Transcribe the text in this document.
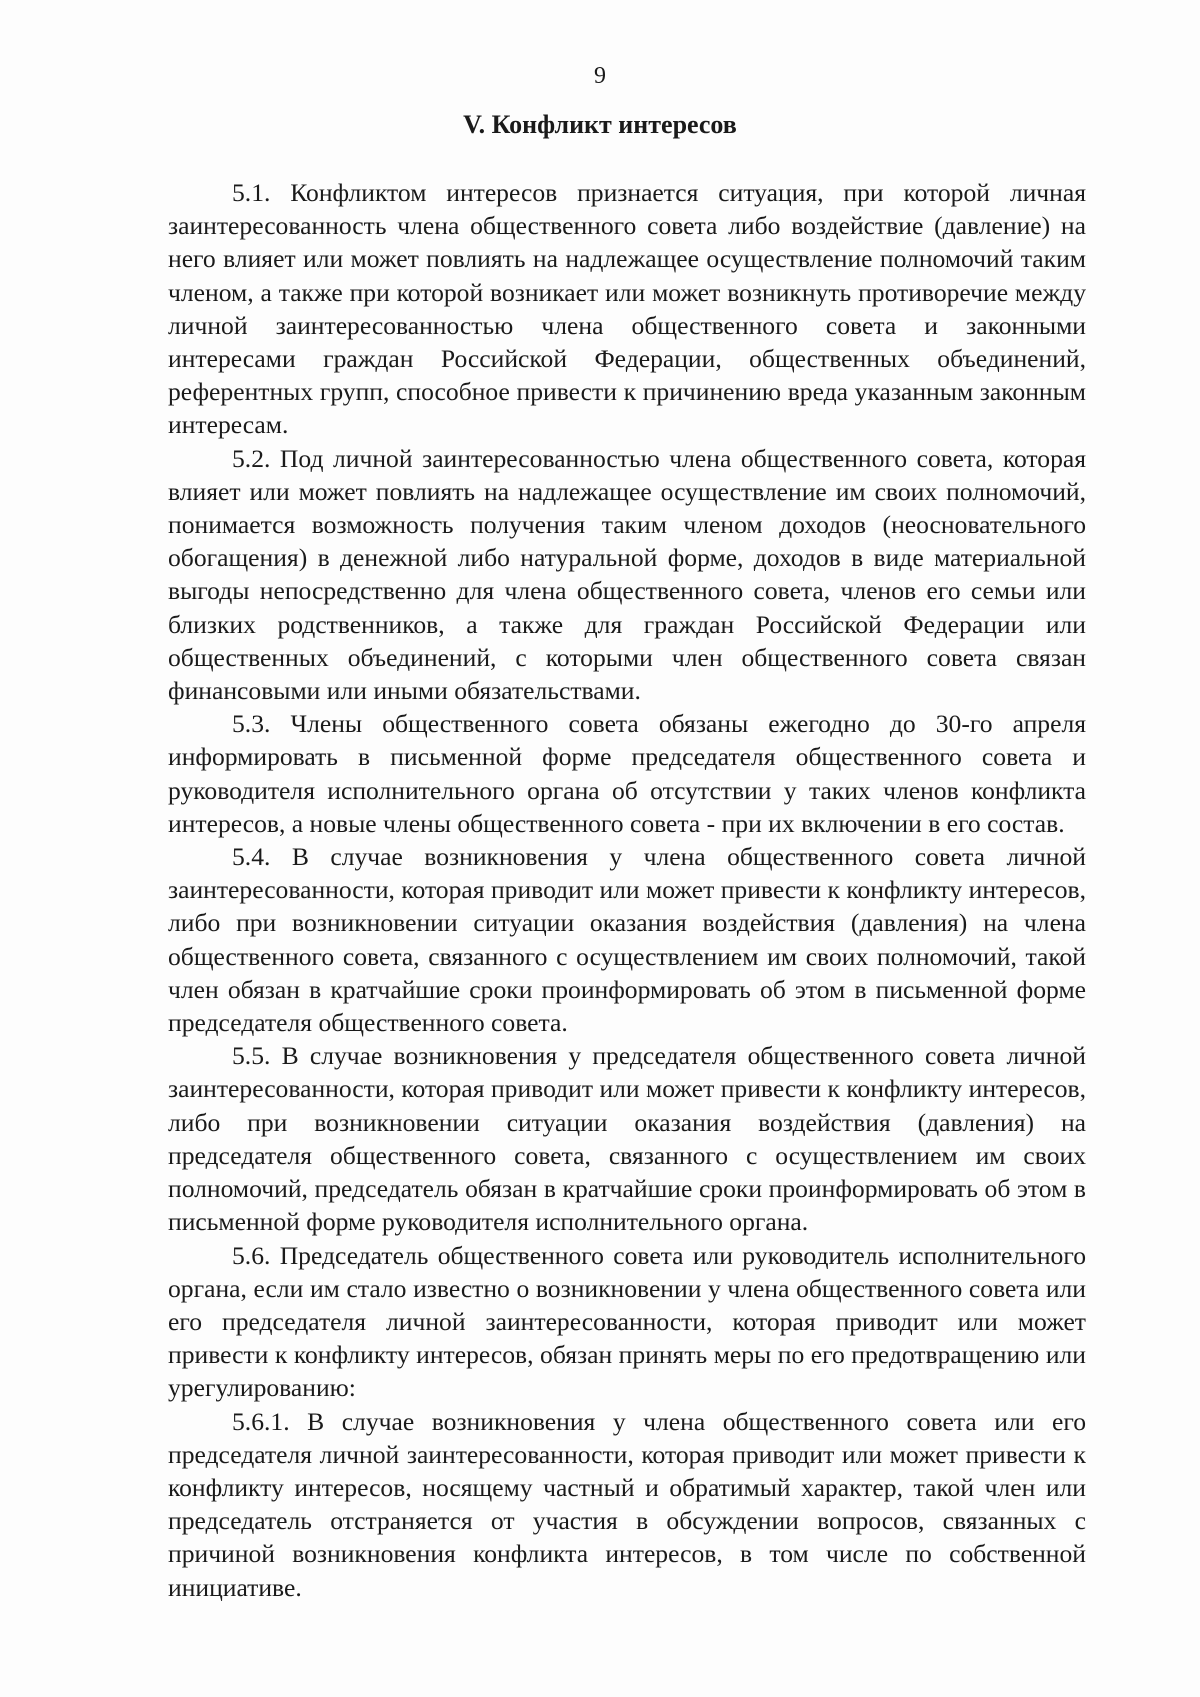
9
V. Конфликт интересов

5.1. Конфликтом интересов признается ситуация, при которой личная заинтересованность члена общественного совета либо воздействие (давление) на него влияет или может повлиять на надлежащее осуществление полномочий таким членом, а также при которой возникает или может возникнуть противоречие между личной заинтересованностью члена общественного совета и законными интересами граждан Российской Федерации, общественных объединений, референтных групп, способное привести к причинению вреда указанным законным интересам.

5.2. Под личной заинтересованностью члена общественного совета, которая влияет или может повлиять на надлежащее осуществление им своих полномочий, понимается возможность получения таким членом доходов (неосновательного обогащения) в денежной либо натуральной форме, доходов в виде материальной выгоды непосредственно для члена общественного совета, членов его семьи или близких родственников, а также для граждан Российской Федерации или общественных объединений, с которыми член общественного совета связан финансовыми или иными обязательствами.

5.3. Члены общественного совета обязаны ежегодно до 30-го апреля информировать в письменной форме председателя общественного совета и руководителя исполнительного органа об отсутствии у таких членов конфликта интересов, а новые члены общественного совета - при их включении в его состав.

5.4. В случае возникновения у члена общественного совета личной заинтересованности, которая приводит или может привести к конфликту интересов, либо при возникновении ситуации оказания воздействия (давления) на члена общественного совета, связанного с осуществлением им своих полномочий, такой член обязан в кратчайшие сроки проинформировать об этом в письменной форме председателя общественного совета.

5.5. В случае возникновения у председателя общественного совета личной заинтересованности, которая приводит или может привести к конфликту интересов, либо при возникновении ситуации оказания воздействия (давления) на председателя общественного совета, связанного с осуществлением им своих полномочий, председатель обязан в кратчайшие сроки проинформировать об этом в письменной форме руководителя исполнительного органа.

5.6. Председатель общественного совета или руководитель исполнительного органа, если им стало известно о возникновении у члена общественного совета или его председателя личной заинтересованности, которая приводит или может привести к конфликту интересов, обязан принять меры по его предотвращению или урегулированию:

5.6.1. В случае возникновения у члена общественного совета или его председателя личной заинтересованности, которая приводит или может привести к конфликту интересов, носящему частный и обратимый характер, такой член или председатель отстраняется от участия в обсуждении вопросов, связанных с причиной возникновения конфликта интересов, в том числе по собственной инициативе.
